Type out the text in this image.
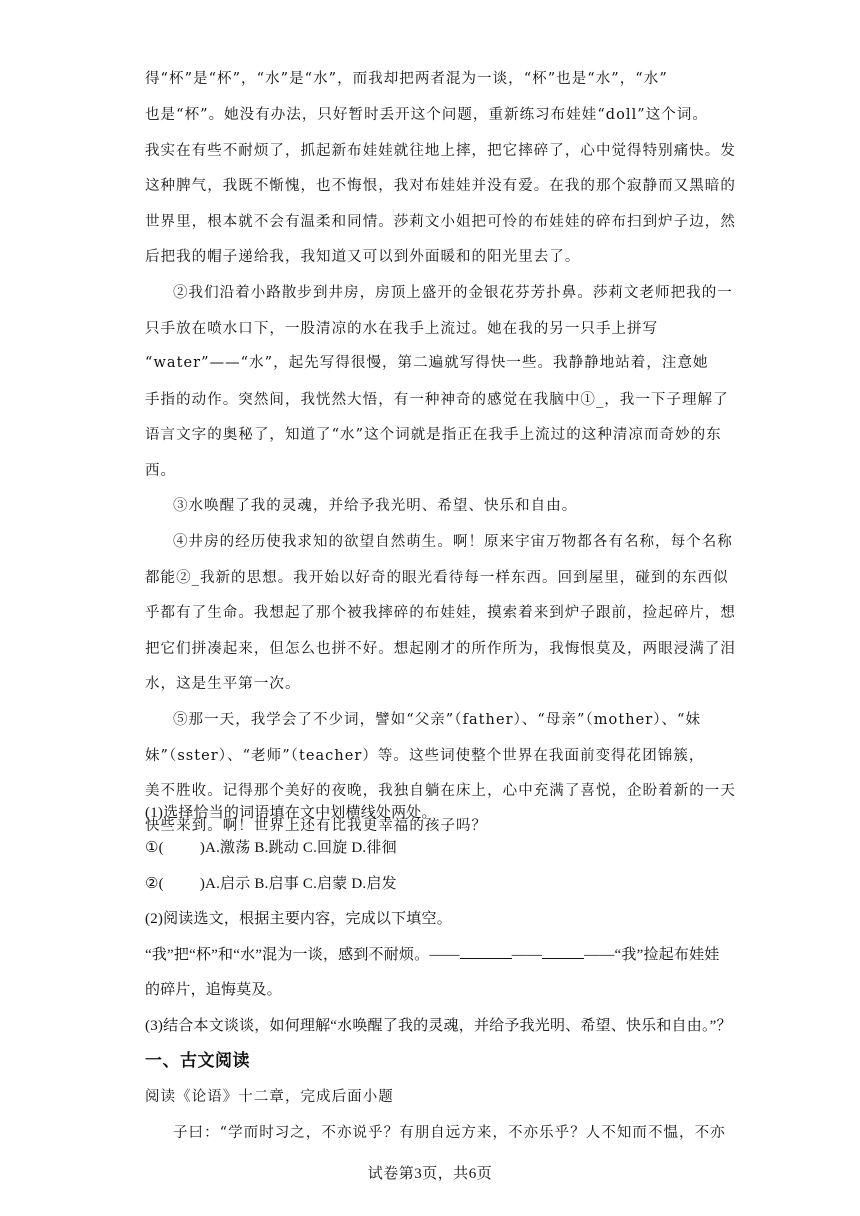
得“杯”是“杯”，“水”是“水”，而我却把两者混为一谈，“杯”也是“水”，“水”
也是“杯”。她没有办法，只好暂时丢开这个问题，重新练习布娃娃“doll”这个词。
我实在有些不耐烦了，抓起新布娃娃就往地上摔，把它摔碎了，心中觉得特别痛快。发
这种脾气，我既不惭愧，也不悔恨，我对布娃娃并没有爱。在我的那个寂静而又黑暗的
世界里，根本就不会有温柔和同情。莎莉文小姐把可怜的布娃娃的碎布扫到炉子边，然
后把我的帽子递给我，我知道又可以到外面暖和的阳光里去了。
②我们沿着小路散步到井房，房顶上盛开的金银花芬芳扑鼻。莎莉文老师把我的一
只手放在喷水口下，一股清凉的水在我手上流过。她在我的另一只手上拼写
“water”——“水”，起先写得很慢，第二遍就写得快一些。我静静地站着，注意她
手指的动作。突然间，我恍然大悟，有一种神奇的感觉在我脑中①_，我一下子理解了
语言文字的奥秘了，知道了“水”这个词就是指正在我手上流过的这种清凉而奇妙的东
西。
③水唤醒了我的灵魂，并给予我光明、希望、快乐和自由。
④井房的经历使我求知的欲望自然萌生。啊！原来宇宙万物都各有名称，每个名称
都能②_我新的思想。我开始以好奇的眼光看待每一样东西。回到屋里，碰到的东西似
乎都有了生命。我想起了那个被我摔碎的布娃娃，摸索着来到炉子跟前，捡起碎片，想
把它们拼凑起来，但怎么也拼不好。想起刚才的所作所为，我悔恨莫及，两眼浸满了泪
水，这是生平第一次。
⑤那一天，我学会了不少词，譬如“父亲”（father）、“母亲”（mother）、“妹
妹”（sster）、“老师”（teacher）等。这些词使整个世界在我面前变得花团锦簇，
美不胜收。记得那个美好的夜晚，我独自躺在床上，心中充满了喜悦，企盼着新的一天
快些来到。啊！世界上还有比我更幸福的孩子吗？
(1)选择恰当的词语填在文中划横线处两处。
①( )A.激荡 B.跳动 C.回旋 D.徘徊
②( )A.启示 B.启事 C.启蒙 D.启发
(2)阅读选文，根据主要内容，完成以下填空。
“我”把“杯”和“水”混为一谈，感到不耐烦。——	——	——“我”捡起布娃娃
的碎片，追悔莫及。
(3)结合本文谈谈，如何理解“水唤醒了我的灵魂，并给予我光明、希望、快乐和自由。”？
一、古文阅读
阅读《论语》十二章，完成后面小题
子曰：“学而时习之，不亦说乎？有朋自远方来，不亦乐乎？人不知而不愠，不亦
试卷第3页，共6页
